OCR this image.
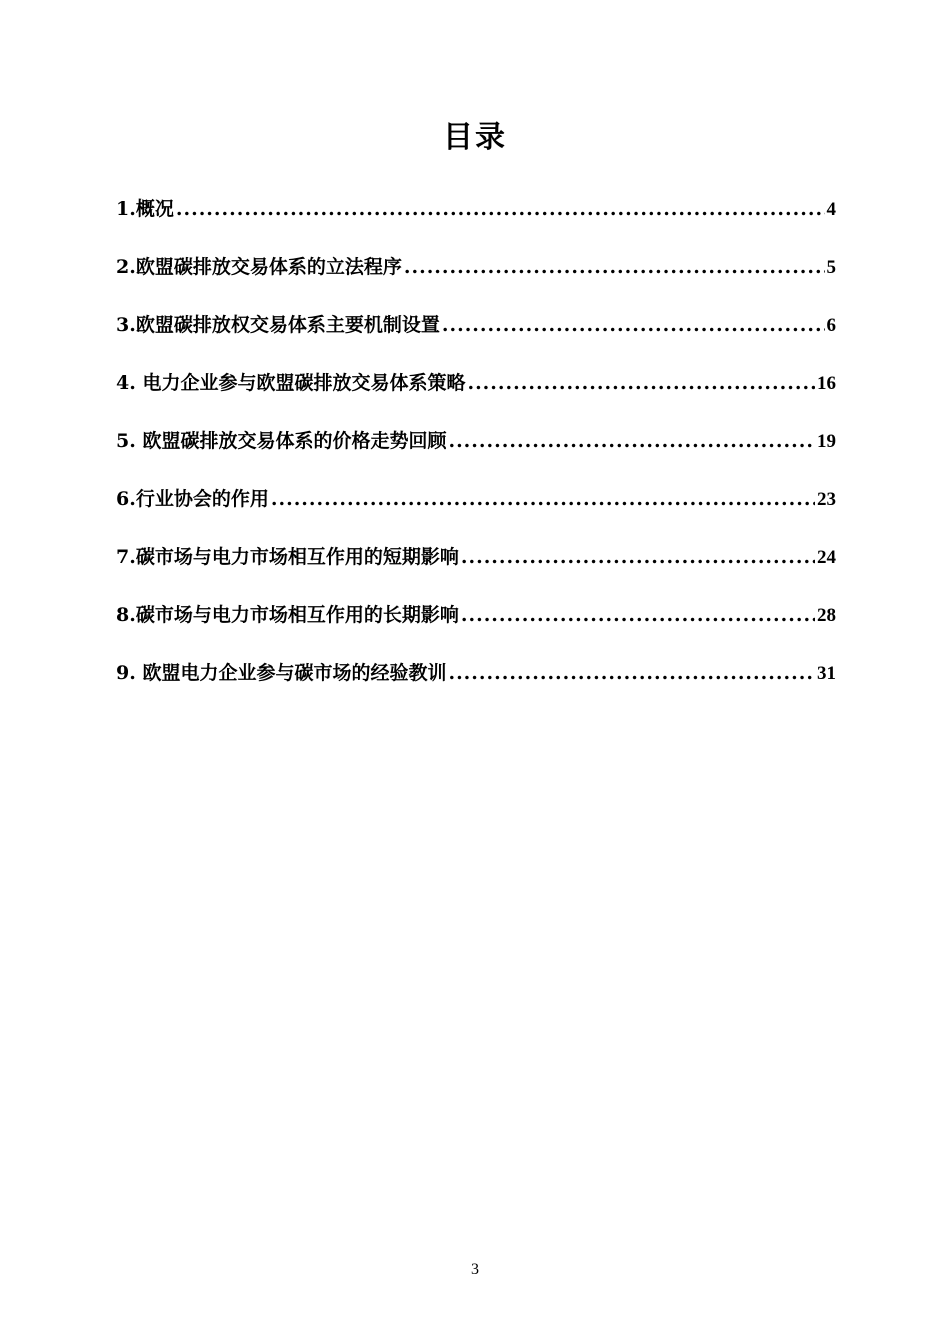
目录
1.概况 .....	4
2.欧盟碳排放交易体系的立法程序 .....	5
3.欧盟碳排放权交易体系主要机制设置 .....	6
4. 电力企业参与欧盟碳排放交易体系策略 .....	16
5. 欧盟碳排放交易体系的价格走势回顾 .....	19
6.行业协会的作用 .....	23
7.碳市场与电力市场相互作用的短期影响 .....	24
8.碳市场与电力市场相互作用的长期影响 .....	28
9. 欧盟电力企业参与碳市场的经验教训 .....	31
3
